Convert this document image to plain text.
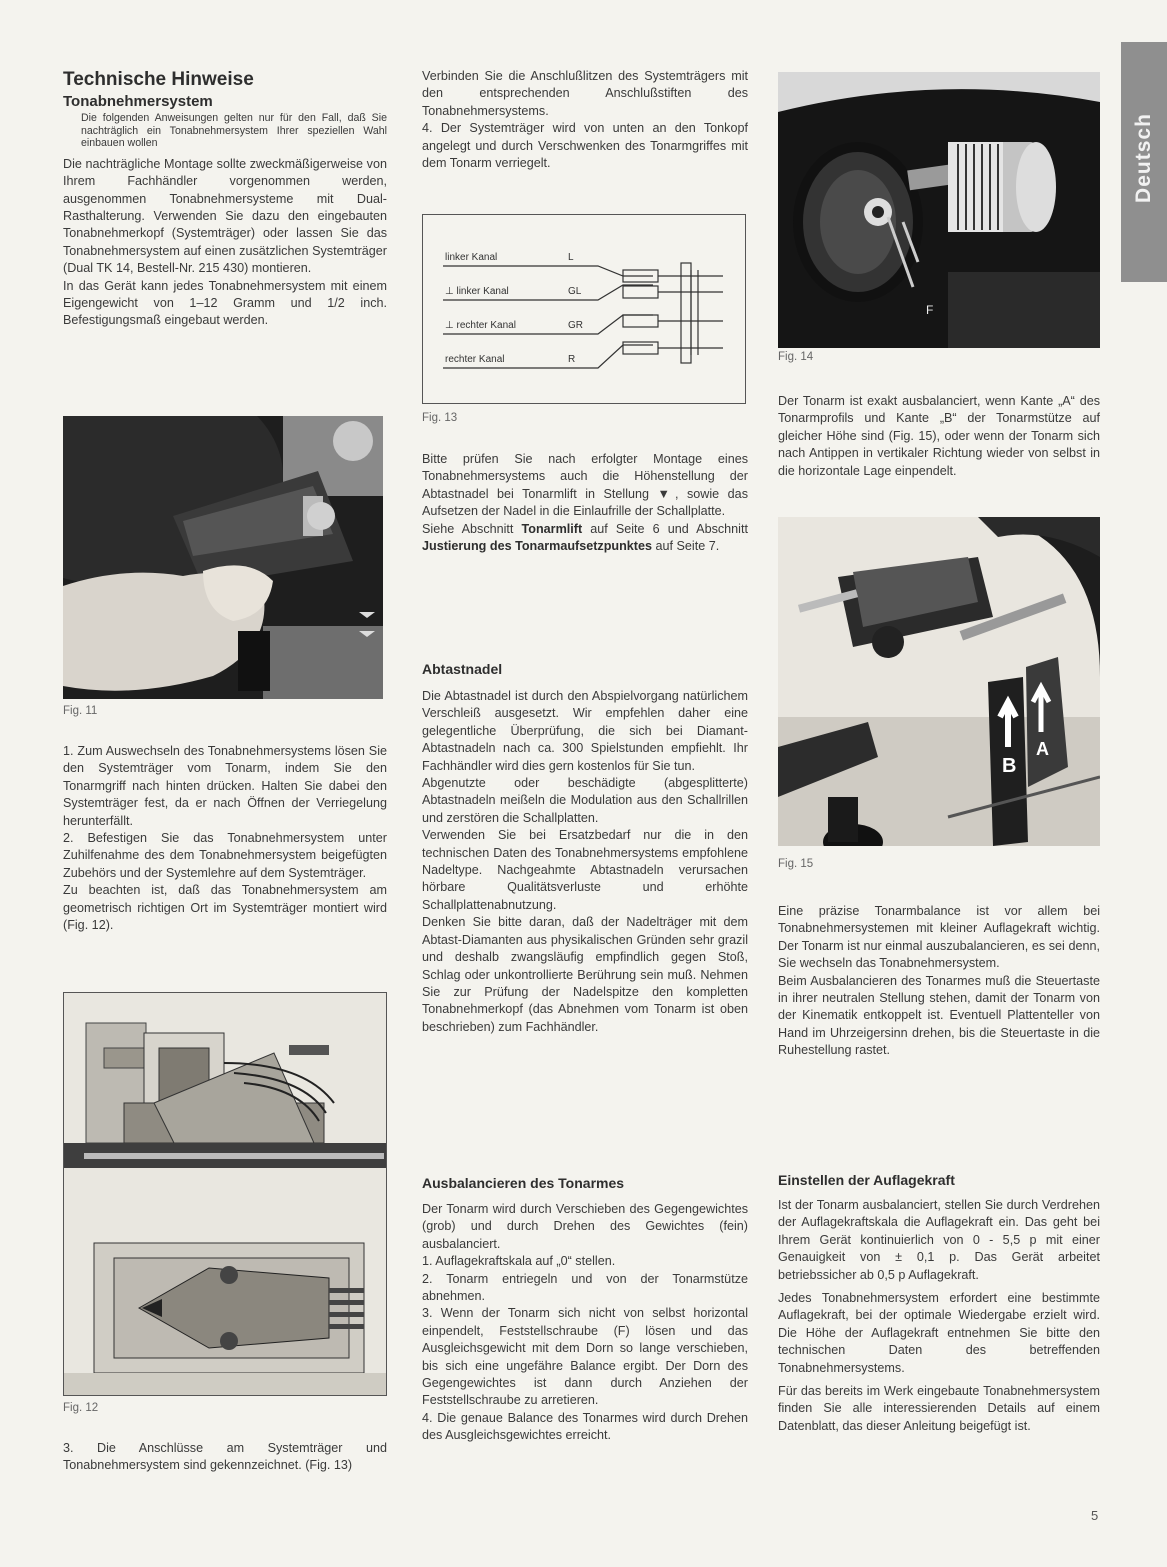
Deutsch
Technische Hinweise
Tonabnehmersystem

Die folgenden Anweisungen gelten nur für den Fall, daß Sie nachträglich ein Tonabnehmersystem Ihrer speziellen Wahl einbauen wollen

Die nachträgliche Montage sollte zweckmäßigerweise von Ihrem Fachhändler vorgenommen werden, ausgenommen Tonabnehmersysteme mit Dual-Rasthalterung. Verwenden Sie dazu den eingebauten Tonabnehmerkopf (Systemträger) oder lassen Sie das Tonabnehmersystem auf einen zusätzlichen Systemträger (Dual TK 14, Bestell-Nr. 215 430) montieren.

In das Gerät kann jedes Tonabnehmersystem mit einem Eigengewicht von 1–12 Gramm und 1/2 inch. Befestigungsmaß eingebaut werden.

Fig. 11

1. Zum Auswechseln des Tonabnehmersystems lösen Sie den Systemträger vom Tonarm, indem Sie den Tonarmgriff nach hinten drücken. Halten Sie dabei den Systemträger fest, da er nach Öffnen der Verriegelung herunterfällt.

2. Befestigen Sie das Tonabnehmersystem unter Zuhilfenahme des dem Tonabnehmersystem beigefügten Zubehörs und der Systemlehre auf dem Systemträger.

Zu beachten ist, daß das Tonabnehmersystem am geometrisch richtigen Ort im Systemträger montiert wird (Fig. 12).

Fig. 12

3. Die Anschlüsse am Systemträger und Tonabnehmersystem sind gekennzeichnet. (Fig. 13)

Verbinden Sie die Anschlußlitzen des Systemträgers mit den entsprechenden Anschlußstiften des Tonabnehmersystems.

4. Der Systemträger wird von unten an den Tonkopf angelegt und durch Verschwenken des Tonarmgriffes mit dem Tonarm verriegelt.

linker Kanal	L
⊥ linker Kanal	GL
⊥ rechter Kanal	GR
rechter Kanal	R
Fig. 13

Bitte prüfen Sie nach erfolgter Montage eines Tonabnehmersystems auch die Höhenstellung der Abtastnadel bei Tonarmlift in Stellung ▼, sowie das Aufsetzen der Nadel in die Einlaufrille der Schallplatte.

Siehe Abschnitt Tonarmlift auf Seite 6 und Abschnitt Justierung des Tonarmaufsetzpunktes auf Seite 7.

Abtastnadel

Die Abtastnadel ist durch den Abspielvorgang natürlichem Verschleiß ausgesetzt. Wir empfehlen daher eine gelegentliche Überprüfung, die sich bei Diamant-Abtastnadeln nach ca. 300 Spielstunden empfiehlt. Ihr Fachhändler wird dies gern kostenlos für Sie tun.

Abgenutzte oder beschädigte (abgesplitterte) Abtastnadeln meißeln die Modulation aus den Schallrillen und zerstören die Schallplatten.

Verwenden Sie bei Ersatzbedarf nur die in den technischen Daten des Tonabnehmersystems empfohlene Nadeltype. Nachgeahmte Abtastnadeln verursachen hörbare Qualitätsverluste und erhöhte Schallplattenabnutzung.

Denken Sie bitte daran, daß der Nadelträger mit dem Abtast-Diamanten aus physikalischen Gründen sehr grazil und deshalb zwangsläufig empfindlich gegen Stoß, Schlag oder unkontrollierte Berührung sein muß. Nehmen Sie zur Prüfung der Nadelspitze den kompletten Tonabnehmerkopf (das Abnehmen vom Tonarm ist oben beschrieben) zum Fachhändler.

Ausbalancieren des Tonarmes

Der Tonarm wird durch Verschieben des Gegengewichtes (grob) und durch Drehen des Gewichtes (fein) ausbalanciert.

1. Auflagekraftskala auf „0“ stellen.

2. Tonarm entriegeln und von der Tonarmstütze abnehmen.

3. Wenn der Tonarm sich nicht von selbst horizontal einpendelt, Feststellschraube (F) lösen und das Ausgleichsgewicht mit dem Dorn so lange verschieben, bis sich eine ungefähre Balance ergibt. Der Dorn des Gegengewichtes ist dann durch Anziehen der Feststellschraube zu arretieren.

4. Die genaue Balance des Tonarmes wird durch Drehen des Ausgleichsgewichtes erreicht.

F
Fig. 14

Der Tonarm ist exakt ausbalanciert, wenn Kante „A“ des Tonarmprofils und Kante „B“ der Tonarmstütze auf gleicher Höhe sind (Fig. 15), oder wenn der Tonarm sich nach Antippen in vertikaler Richtung wieder von selbst in die horizontale Lage einpendelt.

B
A
Fig. 15

Eine präzise Tonarmbalance ist vor allem bei Tonabnehmersystemen mit kleiner Auflagekraft wichtig. Der Tonarm ist nur einmal auszubalancieren, es sei denn, Sie wechseln das Tonabnehmersystem.

Beim Ausbalancieren des Tonarmes muß die Steuertaste in ihrer neutralen Stellung stehen, damit der Tonarm von der Kinematik entkoppelt ist. Eventuell Plattenteller von Hand im Uhrzeigersinn drehen, bis die Steuertaste in die Ruhestellung rastet.

Einstellen der Auflagekraft

Ist der Tonarm ausbalanciert, stellen Sie durch Verdrehen der Auflagekraftskala die Auflagekraft ein. Das geht bei Ihrem Gerät kontinuierlich von 0 - 5,5 p mit einer Genauigkeit von ± 0,1 p. Das Gerät arbeitet betriebssicher ab 0,5 p Auflagekraft.

Jedes Tonabnehmersystem erfordert eine bestimmte Auflagekraft, bei der optimale Wiedergabe erzielt wird. Die Höhe der Auflagekraft entnehmen Sie bitte den technischen Daten des betreffenden Tonabnehmersystems.

Für das bereits im Werk eingebaute Tonabnehmersystem finden Sie alle interessierenden Details auf einem Datenblatt, das dieser Anleitung beigefügt ist.

5
